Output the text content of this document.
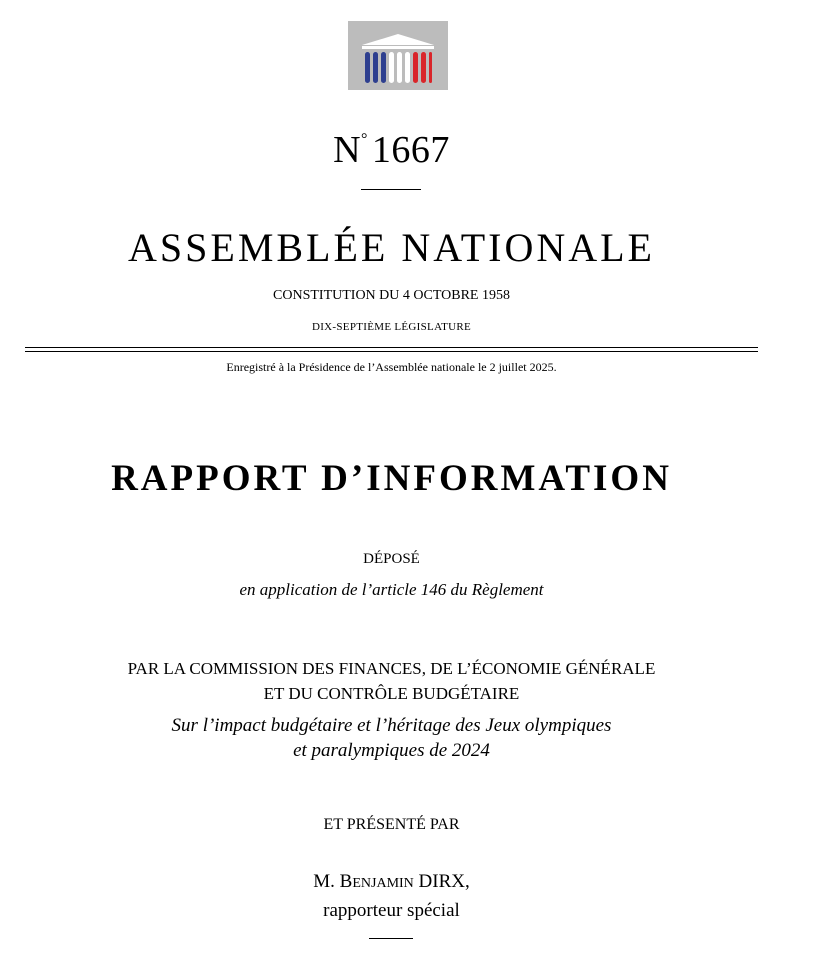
N° 1667
ASSEMBLÉE NATIONALE
CONSTITUTION DU 4 OCTOBRE 1958
DIX-SEPTIÈME LÉGISLATURE
Enregistré à la Présidence de l’Assemblée nationale le 2 juillet 2025.
RAPPORT D’INFORMATION
DÉPOSÉ
en application de l’article 146 du Règlement
PAR LA COMMISSION DES FINANCES, DE L’ÉCONOMIE GÉNÉRALE
ET DU CONTRÔLE BUDGÉTAIRE
Sur l’impact budgétaire et l’héritage des Jeux olympiques
et paralympiques de 2024
ET PRÉSENTÉ PAR
M. BENJAMIN DIRX,
rapporteur spécial
